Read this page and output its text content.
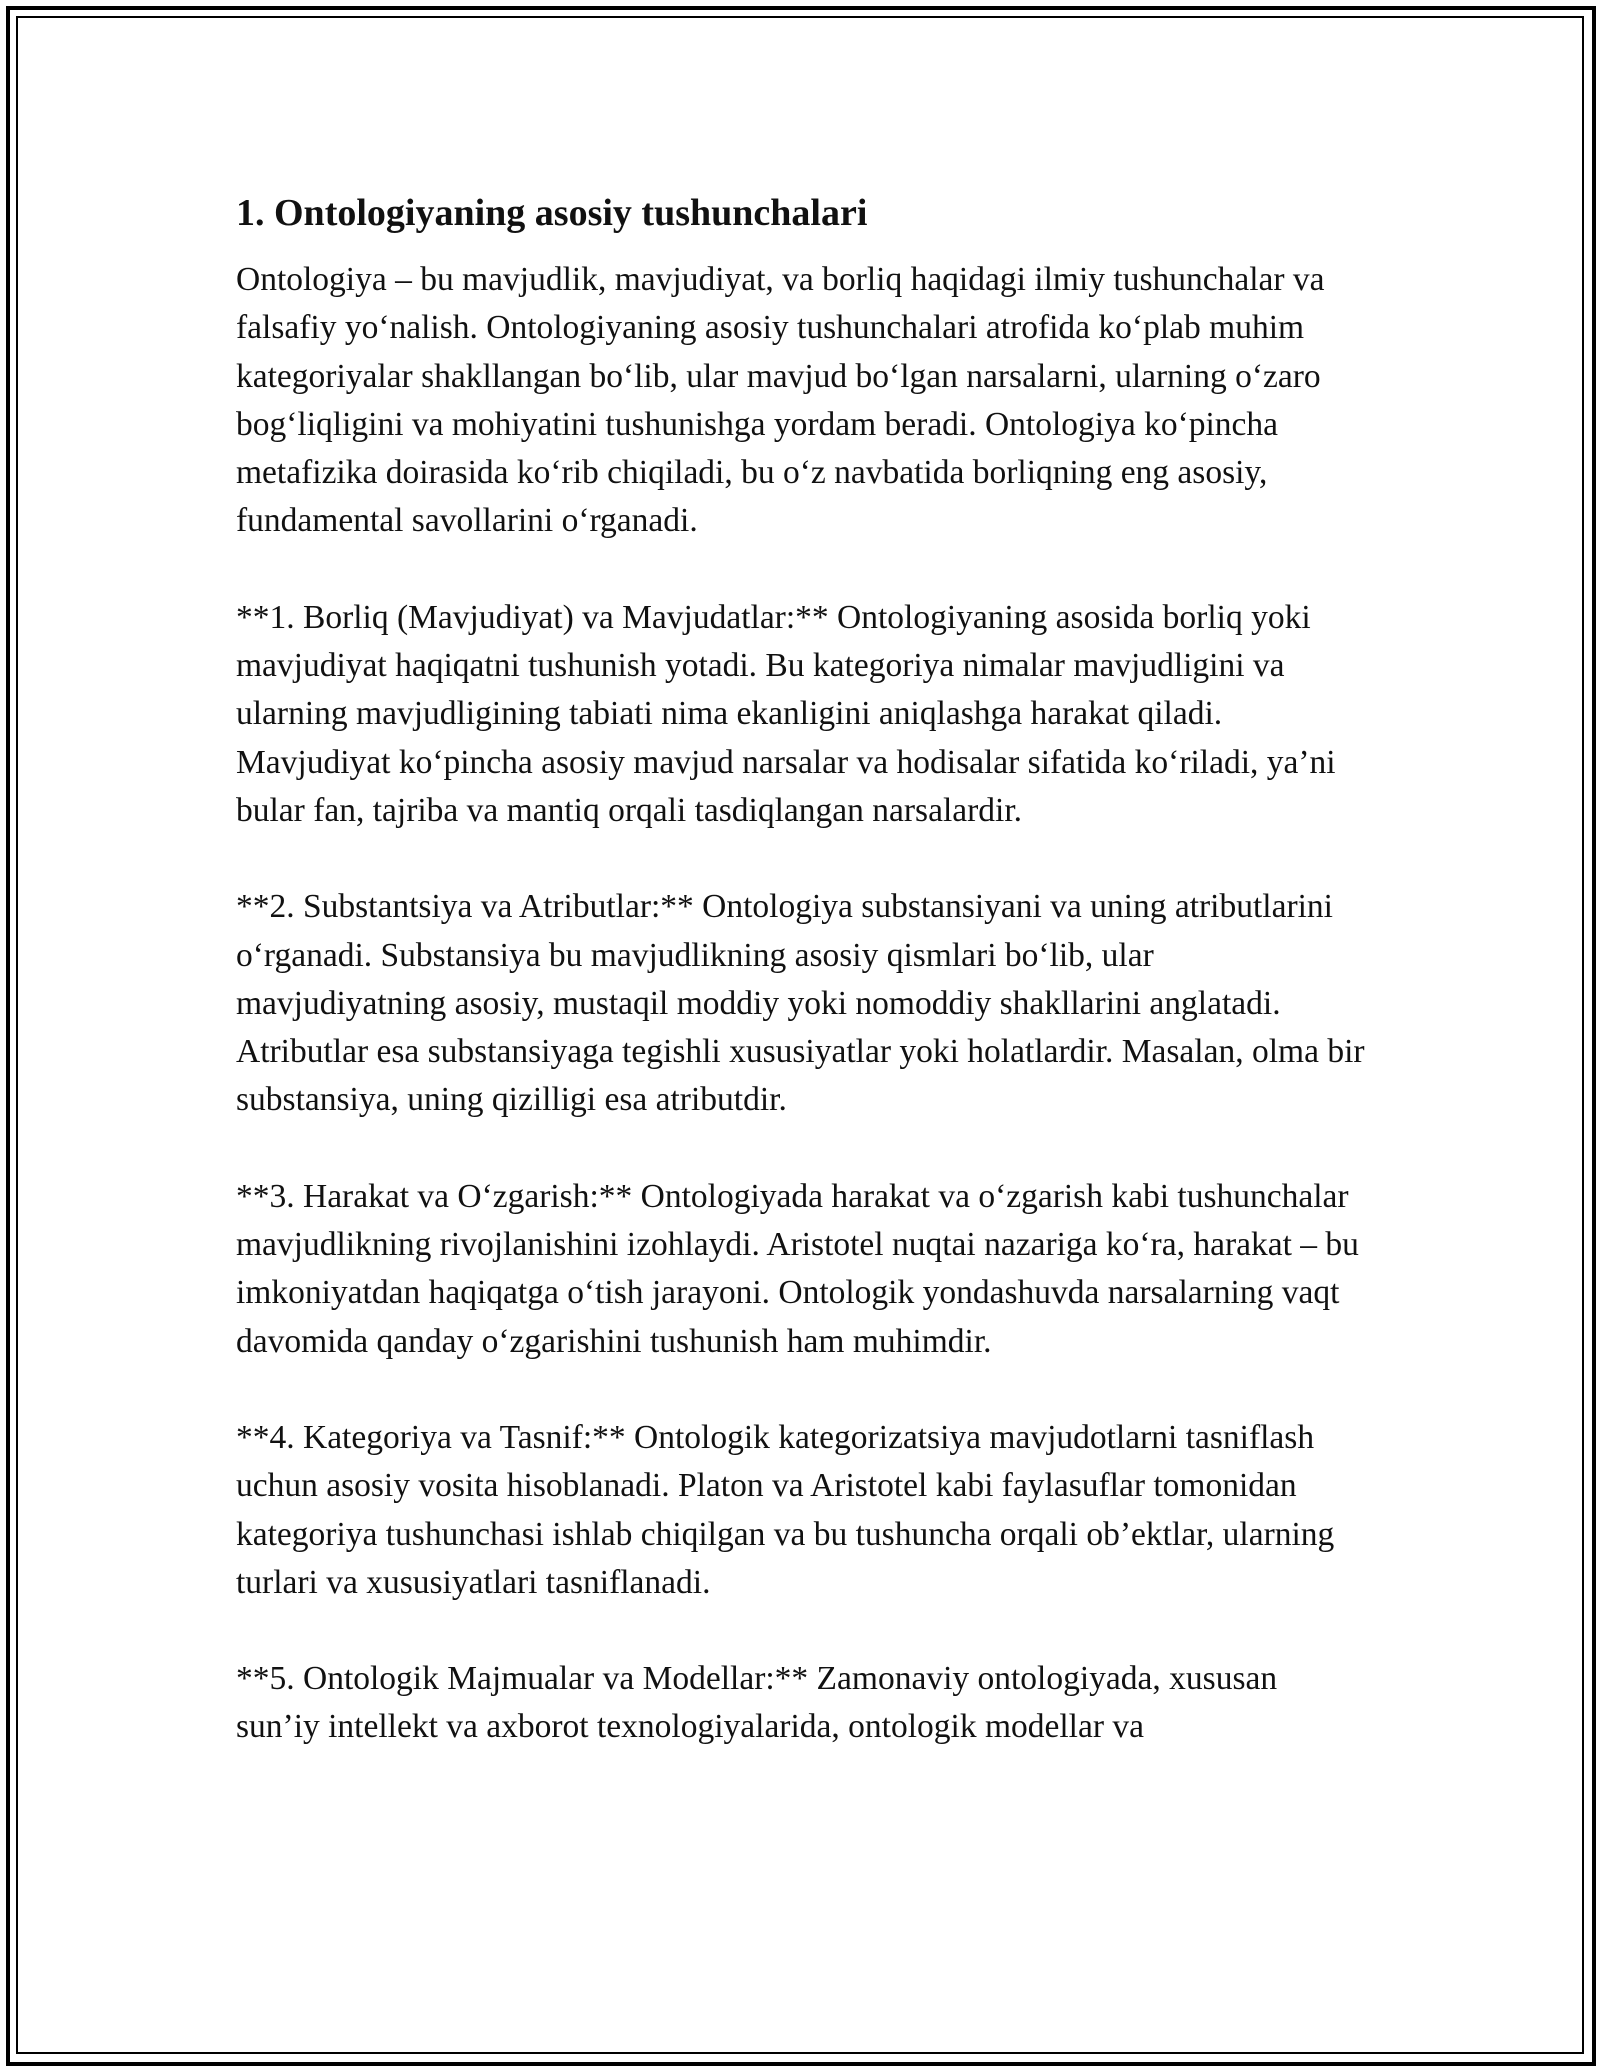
1. Ontologiyaning asosiy tushunchalari

Ontologiya – bu mavjudlik, mavjudiyat, va borliq haqidagi ilmiy tushunchalar va falsafiy yo‘nalish. Ontologiyaning asosiy tushunchalari atrofida ko‘plab muhim kategoriyalar shakllangan bo‘lib, ular mavjud bo‘lgan narsalarni, ularning o‘zaro bog‘liqligini va mohiyatini tushunishga yordam beradi. Ontologiya ko‘pincha metafizika doirasida ko‘rib chiqiladi, bu o‘z navbatida borliqning eng asosiy, fundamental savollarini o‘rganadi.

**1. Borliq (Mavjudiyat) va Mavjudatlar:** Ontologiyaning asosida borliq yoki mavjudiyat haqiqatni tushunish yotadi. Bu kategoriya nimalar mavjudligini va ularning mavjudligining tabiati nima ekanligini aniqlashga harakat qiladi. Mavjudiyat ko‘pincha asosiy mavjud narsalar va hodisalar sifatida ko‘riladi, ya’ni bular fan, tajriba va mantiq orqali tasdiqlangan narsalardir.

**2. Substantsiya va Atributlar:** Ontologiya substansiyani va uning atributlarini o‘rganadi. Substansiya bu mavjudlikning asosiy qismlari bo‘lib, ular mavjudiyatning asosiy, mustaqil moddiy yoki nomoddiy shakllarini anglatadi. Atributlar esa substansiyaga tegishli xususiyatlar yoki holatlardir. Masalan, olma bir substansiya, uning qizilligi esa atributdir.

**3. Harakat va O‘zgarish:** Ontologiyada harakat va o‘zgarish kabi tushunchalar mavjudlikning rivojlanishini izohlaydi. Aristotel nuqtai nazariga ko‘ra, harakat – bu imkoniyatdan haqiqatga o‘tish jarayoni. Ontologik yondashuvda narsalarning vaqt davomida qanday o‘zgarishini tushunish ham muhimdir.

**4. Kategoriya va Tasnif:** Ontologik kategorizatsiya mavjudotlarni tasniflash uchun asosiy vosita hisoblanadi. Platon va Aristotel kabi faylasuflar tomonidan kategoriya tushunchasi ishlab chiqilgan va bu tushuncha orqali ob’ektlar, ularning turlari va xususiyatlari tasniflanadi.

**5. Ontologik Majmualar va Modellar:** Zamonaviy ontologiyada, xususan sun’iy intellekt va axborot texnologiyalarida, ontologik modellar va
